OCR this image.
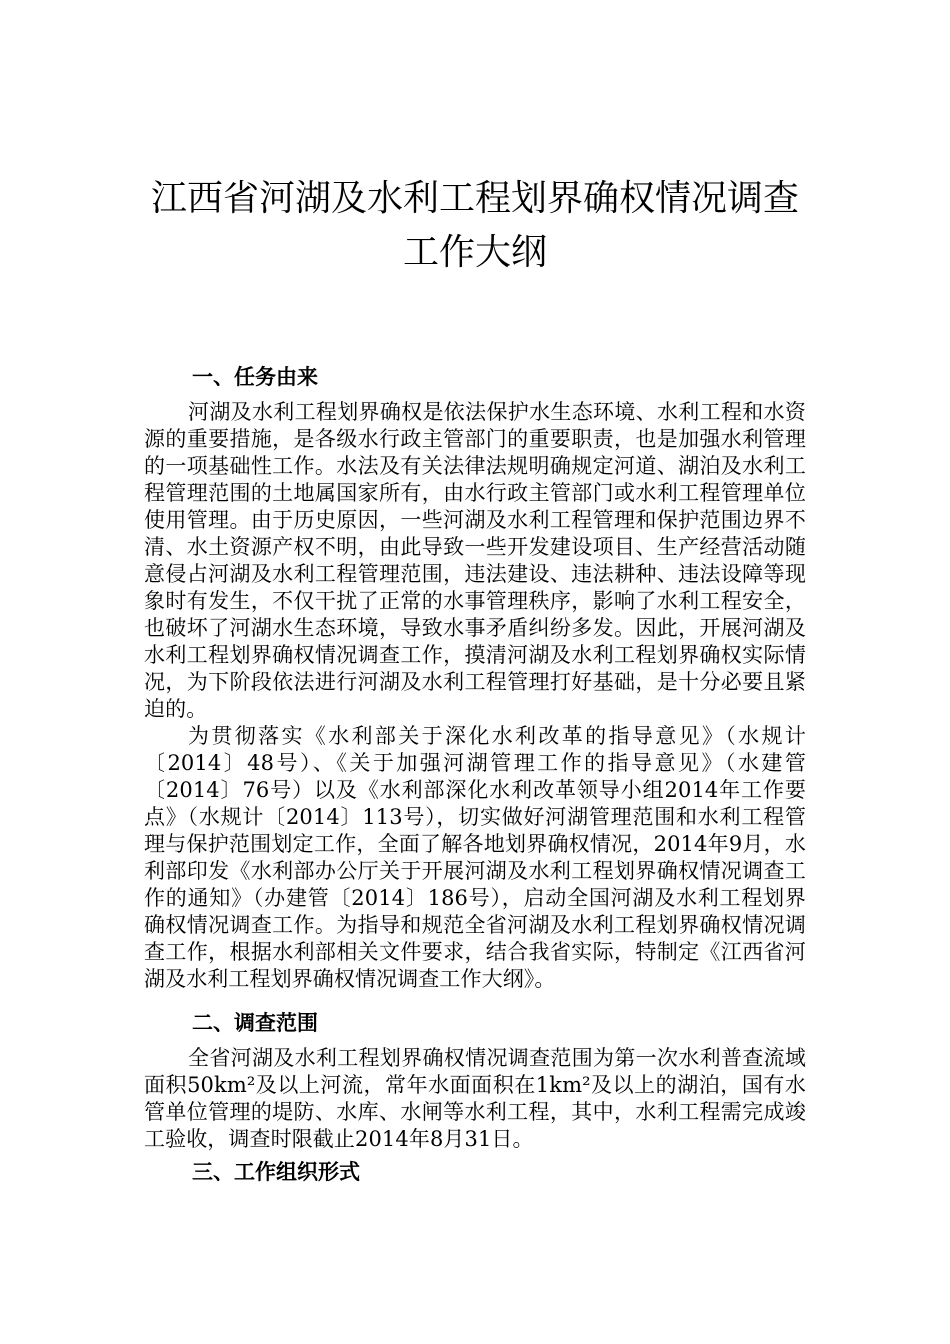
江西省河湖及水利工程划界确权情况调查
工作大纲
一、任务由来

河湖及水利工程划界确权是依法保护水生态环境、水利工程和水资源的重要措施，是各级水行政主管部门的重要职责，也是加强水利管理的一项基础性工作。水法及有关法律法规明确规定河道、湖泊及水利工程管理范围的土地属国家所有，由水行政主管部门或水利工程管理单位使用管理。由于历史原因，一些河湖及水利工程管理和保护范围边界不清、水土资源产权不明，由此导致一些开发建设项目、生产经营活动随意侵占河湖及水利工程管理范围，违法建设、违法耕种、违法设障等现象时有发生，不仅干扰了正常的水事管理秩序，影响了水利工程安全，也破坏了河湖水生态环境，导致水事矛盾纠纷多发。因此，开展河湖及水利工程划界确权情况调查工作，摸清河湖及水利工程划界确权实际情况，为下阶段依法进行河湖及水利工程管理打好基础，是十分必要且紧迫的。

为贯彻落实《水利部关于深化水利改革的指导意见》（水规计〔2014〕48号）、《关于加强河湖管理工作的指导意见》（水建管〔2014〕76号）以及《水利部深化水利改革领导小组2014年工作要点》（水规计〔2014〕113号），切实做好河湖管理范围和水利工程管理与保护范围划定工作，全面了解各地划界确权情况，2014年9月，水利部印发《水利部办公厅关于开展河湖及水利工程划界确权情况调查工作的通知》（办建管〔2014〕186号），启动全国河湖及水利工程划界确权情况调查工作。为指导和规范全省河湖及水利工程划界确权情况调查工作，根据水利部相关文件要求，结合我省实际，特制定《江西省河湖及水利工程划界确权情况调查工作大纲》。

二、调查范围

全省河湖及水利工程划界确权情况调查范围为第一次水利普查流域面积50km²及以上河流，常年水面面积在1km²及以上的湖泊，国有水管单位管理的堤防、水库、水闸等水利工程，其中，水利工程需完成竣工验收，调查时限截止2014年8月31日。

三、工作组织形式
